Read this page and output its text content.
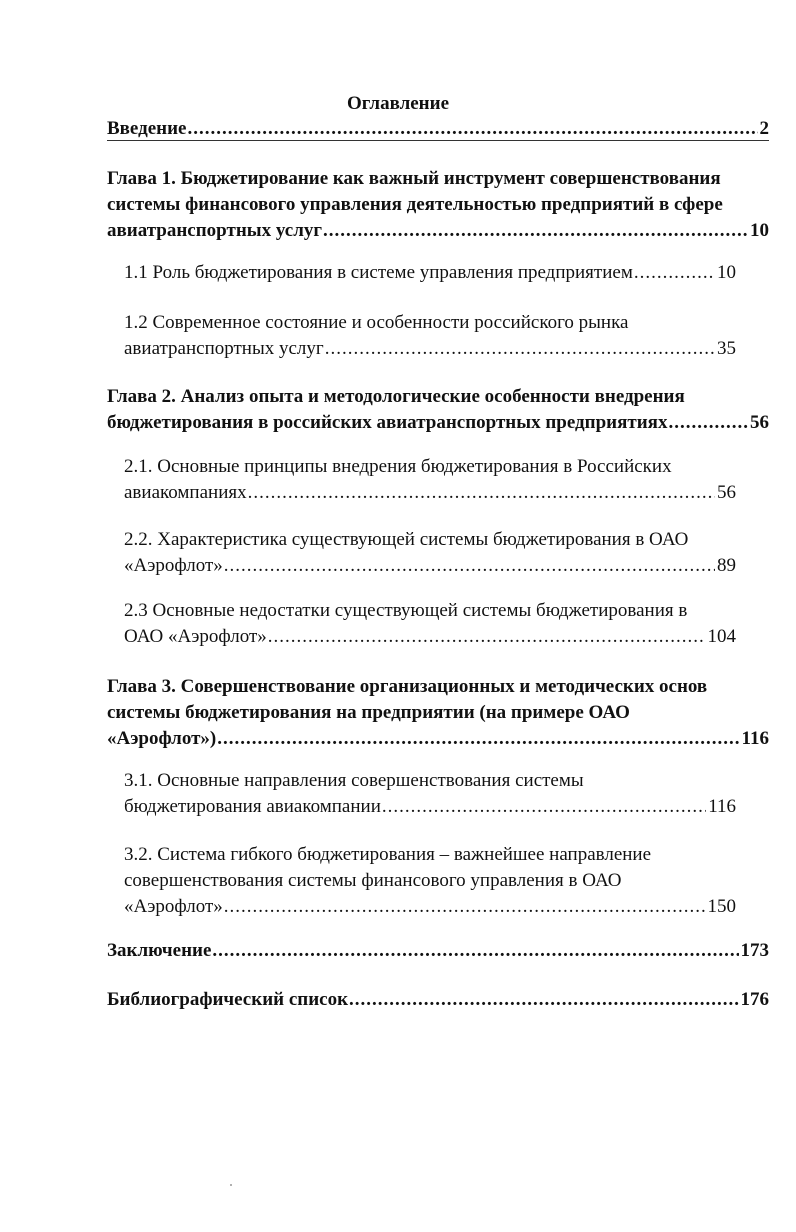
Оглавление
Введение .....	2
Глава 1. Бюджетирование как важный инструмент совершенствования
системы финансового управления деятельностью предприятий в сфере
авиатранспортных услуг .....	10
1.1 Роль бюджетирования в системе управления предприятием .....	10
1.2 Современное состояние и особенности российского рынка
авиатранспортных услуг .....	35
Глава 2. Анализ опыта и методологические особенности внедрения
бюджетирования в российских авиатранспортных предприятиях .....	56
2.1. Основные принципы внедрения бюджетирования в Российских
авиакомпаниях .....	56
2.2. Характеристика существующей системы бюджетирования в ОАО
«Аэрофлот» .....	89
2.3 Основные недостатки существующей системы бюджетирования в
ОАО «Аэрофлот» .....	104
Глава 3. Совершенствование организационных и методических основ
системы бюджетирования на предприятии (на примере ОАО
«Аэрофлот») .....	116
3.1. Основные направления совершенствования системы
бюджетирования авиакомпании .....	116
3.2. Система гибкого бюджетирования – важнейшее направление
совершенствования системы финансового управления в ОАО
«Аэрофлот» .....	150
Заключение .....	173
Библиографический список .....	176
